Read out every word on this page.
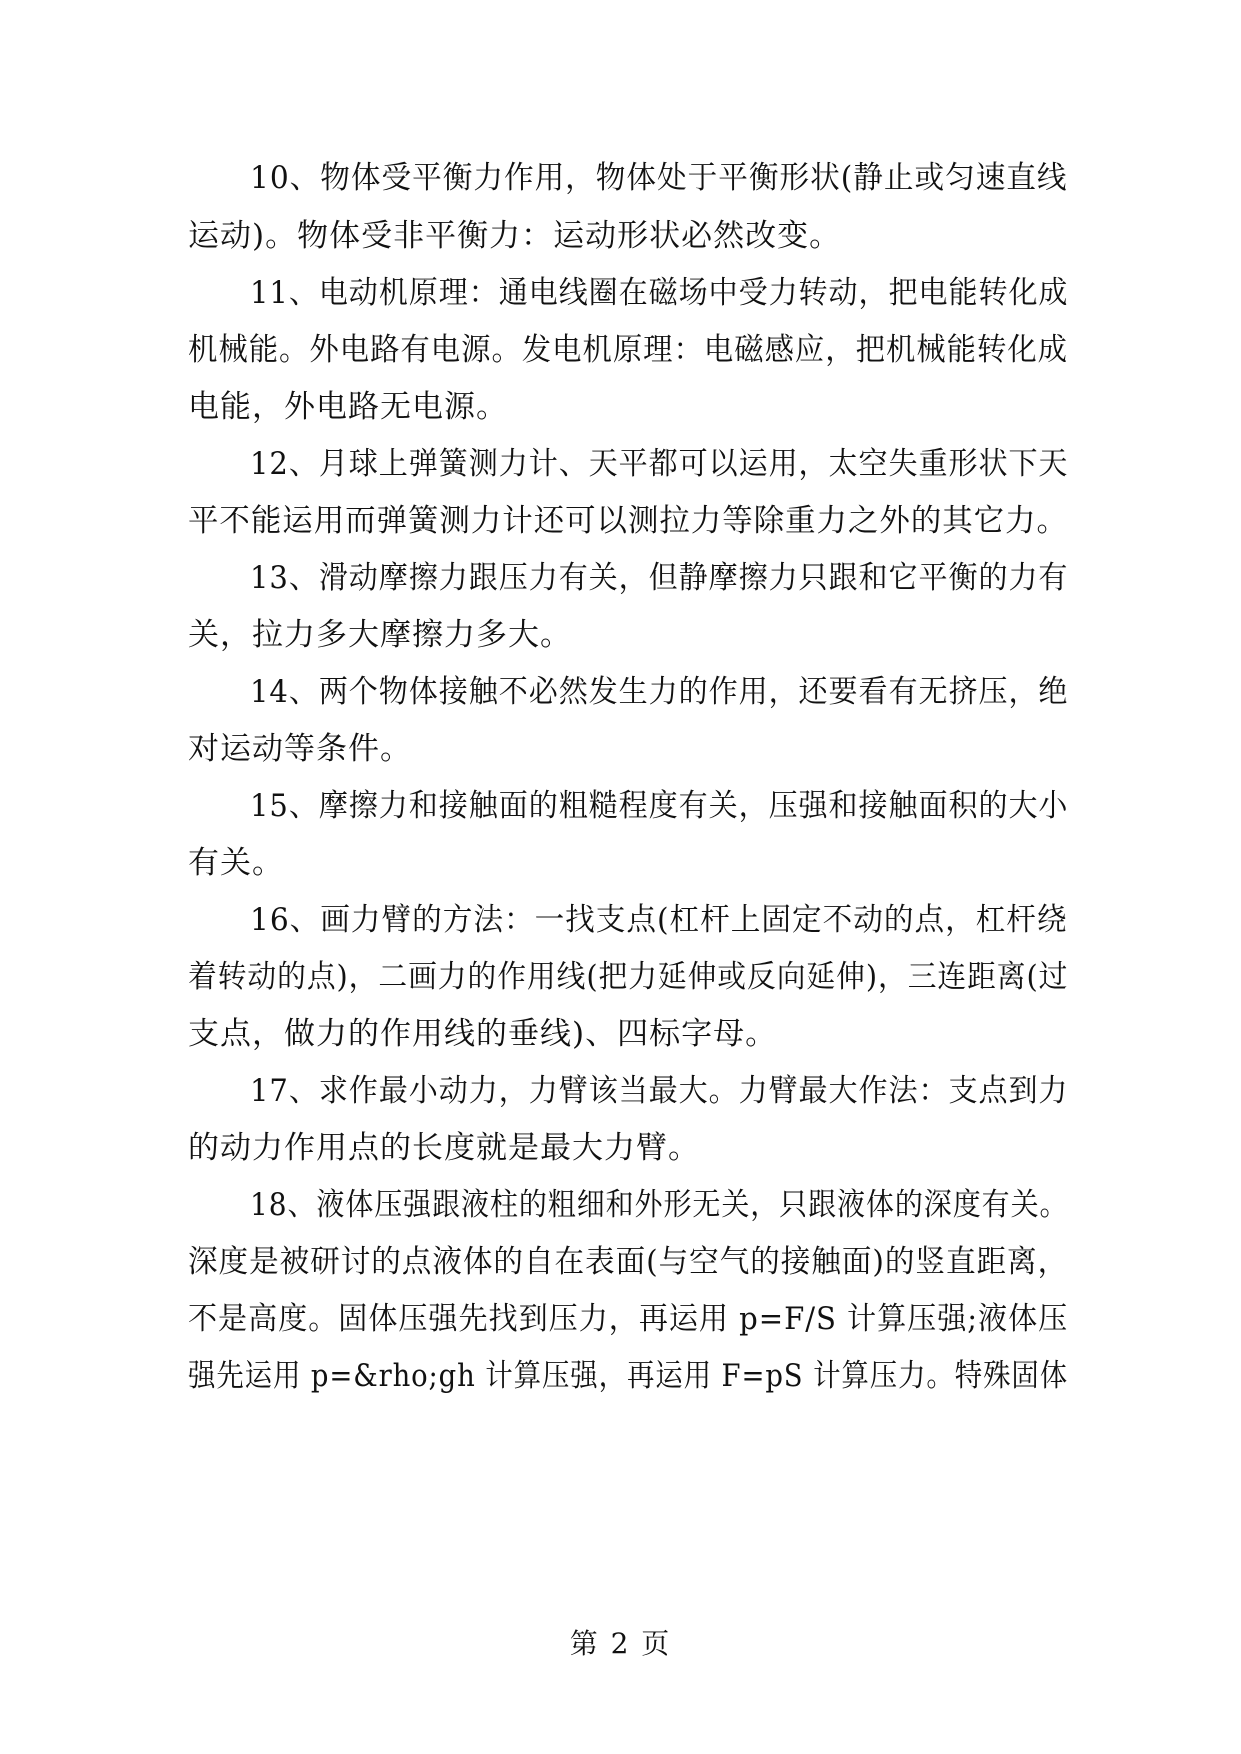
10、物体受平衡力作用，物体处于平衡形状(静止或匀速直线
运动)。物体受非平衡力：运动形状必然改变。
11、电动机原理：通电线圈在磁场中受力转动，把电能转化成
机械能。外电路有电源。发电机原理：电磁感应，把机械能转化成
电能，外电路无电源。
12、月球上弹簧测力计、天平都可以运用，太空失重形状下天
平不能运用而弹簧测力计还可以测拉力等除重力之外的其它力。
13、滑动摩擦力跟压力有关，但静摩擦力只跟和它平衡的力有
关，拉力多大摩擦力多大。
14、两个物体接触不必然发生力的作用，还要看有无挤压，绝
对运动等条件。
15、摩擦力和接触面的粗糙程度有关，压强和接触面积的大小
有关。
16、画力臂的方法：一找支点(杠杆上固定不动的点，杠杆绕
着转动的点)，二画力的作用线(把力延伸或反向延伸)，三连距离(过
支点，做力的作用线的垂线)、四标字母。
17、求作最小动力，力臂该当最大。力臂最大作法：支点到力
的动力作用点的长度就是最大力臂。
18、液体压强跟液柱的粗细和外形无关，只跟液体的深度有关。
深度是被研讨的点液体的自在表面(与空气的接触面)的竖直距离，
不是高度。固体压强先找到压力，再运用 p=F/S 计算压强;液体压
强先运用 p=&rho;gh 计算压强，再运用 F=pS 计算压力。特殊固体
第 2 页
